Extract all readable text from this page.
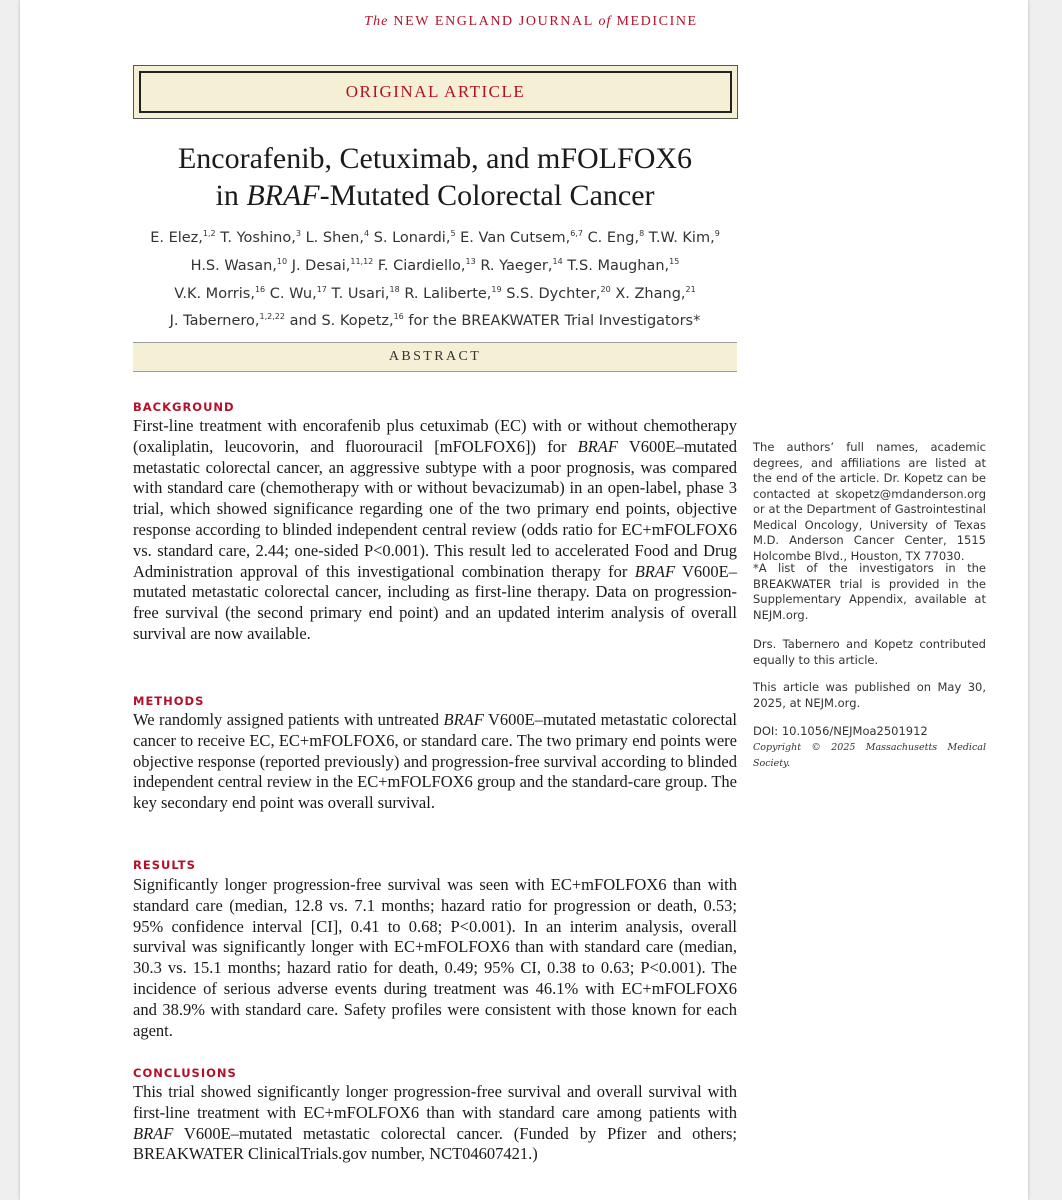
The NEW ENGLAND JOURNAL of MEDICINE
ORIGINAL ARTICLE
Encorafenib, Cetuximab, and mFOLFOX6
in BRAF-Mutated Colorectal Cancer
E. Elez,$^{1,2}$ T. Yoshino,$^3$ L. Shen,$^4$ S. Lonardi,$^5$ E. Van Cutsem,$^{6,7}$ C. Eng,$^8$ T.W. Kim,$^9$
H.S. Wasan,$^{10}$ J. Desai,$^{11,12}$ F. Ciardiello,$^{13}$ R. Yaeger,$^{14}$ T.S. Maughan,$^{15}$
V.K. Morris,$^{16}$ C. Wu,$^{17}$ T. Usari,$^{18}$ R. Laliberte,$^{19}$ S.S. Dychter,$^{20}$ X. Zhang,$^{21}$
J. Tabernero,$^{1,2,22}$ and S. Kopetz,$^{16}$ for the BREAKWATER Trial Investigators*
ABSTRACT
BACKGROUND
First-line treatment with encorafenib plus cetuximab (EC) with or without chemotherapy (oxaliplatin, leucovorin, and fluorouracil [mFOLFOX6]) for BRAF V600E–mutated metastatic colorectal cancer, an aggressive subtype with a poor prognosis, was compared with standard care (chemotherapy with or without bevacizumab) in an open-label, phase 3 trial, which showed significance regarding one of the two primary end points, objective response according to blinded independent central review (odds ratio for EC+mFOLFOX6 vs. standard care, 2.44; one-sided P<0.001). This result led to accelerated Food and Drug Administration approval of this investigational combination therapy for BRAF V600E–mutated metastatic colorectal cancer, including as first-line therapy. Data on progression-free survival (the second primary end point) and an updated interim analysis of overall survival are now available.
METHODS
We randomly assigned patients with untreated BRAF V600E–mutated metastatic colorectal cancer to receive EC, EC+mFOLFOX6, or standard care. The two primary end points were objective response (reported previously) and progression-free survival according to blinded independent central review in the EC+mFOLFOX6 group and the standard-care group. The key secondary end point was overall survival.
RESULTS
Significantly longer progression-free survival was seen with EC+mFOLFOX6 than with standard care (median, 12.8 vs. 7.1 months; hazard ratio for progression or death, 0.53; 95% confidence interval [CI], 0.41 to 0.68; P<0.001). In an interim analysis, overall survival was significantly longer with EC+mFOLFOX6 than with standard care (median, 30.3 vs. 15.1 months; hazard ratio for death, 0.49; 95% CI, 0.38 to 0.63; P<0.001). The incidence of serious adverse events during treatment was 46.1% with EC+mFOLFOX6 and 38.9% with standard care. Safety profiles were consistent with those known for each agent.
CONCLUSIONS
This trial showed significantly longer progression-free survival and overall survival with first-line treatment with EC+mFOLFOX6 than with standard care among patients with BRAF V600E–mutated metastatic colorectal cancer. (Funded by Pfizer and others; BREAKWATER ClinicalTrials.gov number, NCT04607421.)
The authors’ full names, academic degrees, and affiliations are listed at the end of the article. Dr. Kopetz can be contacted at skopetz@mdanderson.org or at the Department of Gastrointestinal Medical Oncology, University of Texas M.D. Anderson Cancer Center, 1515 Holcombe Blvd., Houston, TX 77030.
*A list of the investigators in the BREAKWATER trial is provided in the Supplementary Appendix, available at NEJM.org.
Drs. Tabernero and Kopetz contributed equally to this article.
This article was published on May 30, 2025, at NEJM.org.
DOI: 10.1056/NEJMoa2501912
Copyright © 2025 Massachusetts Medical Society.
